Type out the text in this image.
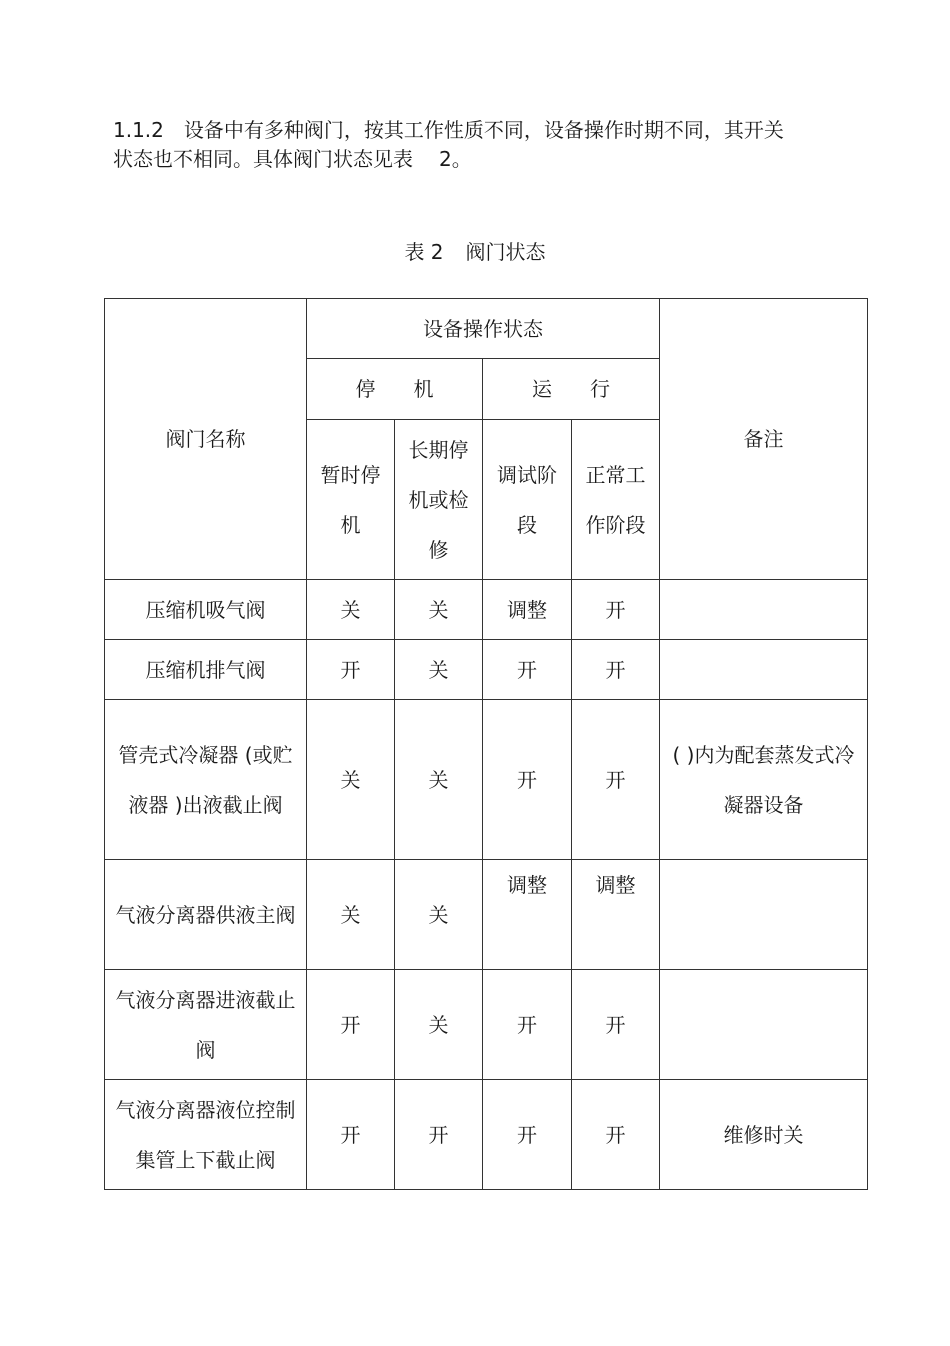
1.1.2 设备中有多种阀门，按其工作性质不同，设备操作时期不同，其开关
状态也不相同。具体阀门状态见表 2。
表 2 阀门状态
阀门名称	设备操作状态				备注
	停 机		运 行		
	暂时停机	长期停机或检修	调试阶段	正常工作阶段	
压缩机吸气阀	关	关	调整	开	
压缩机排气阀	开	关	开	开	
管壳式冷凝器 (或贮液器 )出液截止阀	关	关	开	开	( )内为配套蒸发式冷凝器设备
气液分离器供液主阀	关	关	调整	调整	
气液分离器进液截止阀	开	关	开	开	
气液分离器液位控制集管上下截止阀	开	开	开	开	维修时关
